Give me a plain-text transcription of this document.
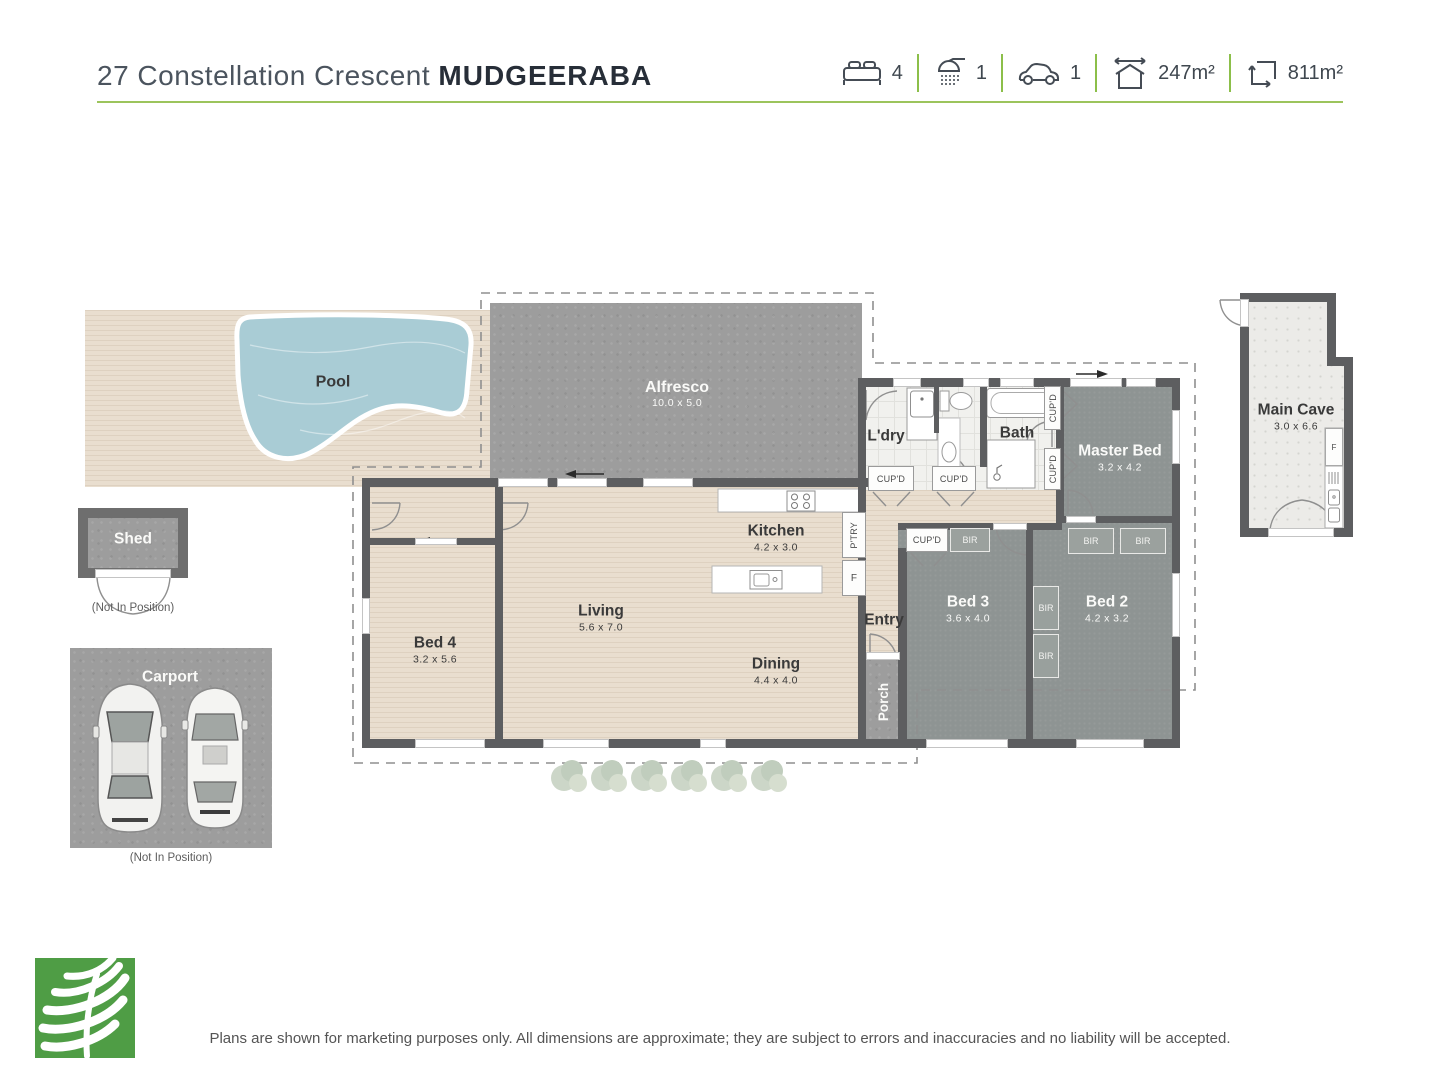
27 Constellation Crescent MUDGEERABA	4	1	1	247m²	811m²
CUP'D	CUP'D
CUP'D
CUP'D
CUP'D
P'TRY
F
F
BIR	BIR	BIR
BIR
BIR
Pool	Alfresco
10.0 x 5.0
Kitchen
4.2 x 3.0
Living
5.6 x 7.0
Dining
4.4 x 4.0
Bed 4
3.2 x 5.6
Bed 3
3.6 x 4.0
Bed 2
4.2 x 3.2
Master Bed
3.2 x 4.2
Bath
L'dry
Entry
Porch
Main Cave
3.0 x 6.6
Shed
Carport
(Not In Position)
(Not In Position)
Plans are shown for marketing purposes only. All dimensions are approximate; they are subject to errors and inaccuracies and no liability will be accepted.
